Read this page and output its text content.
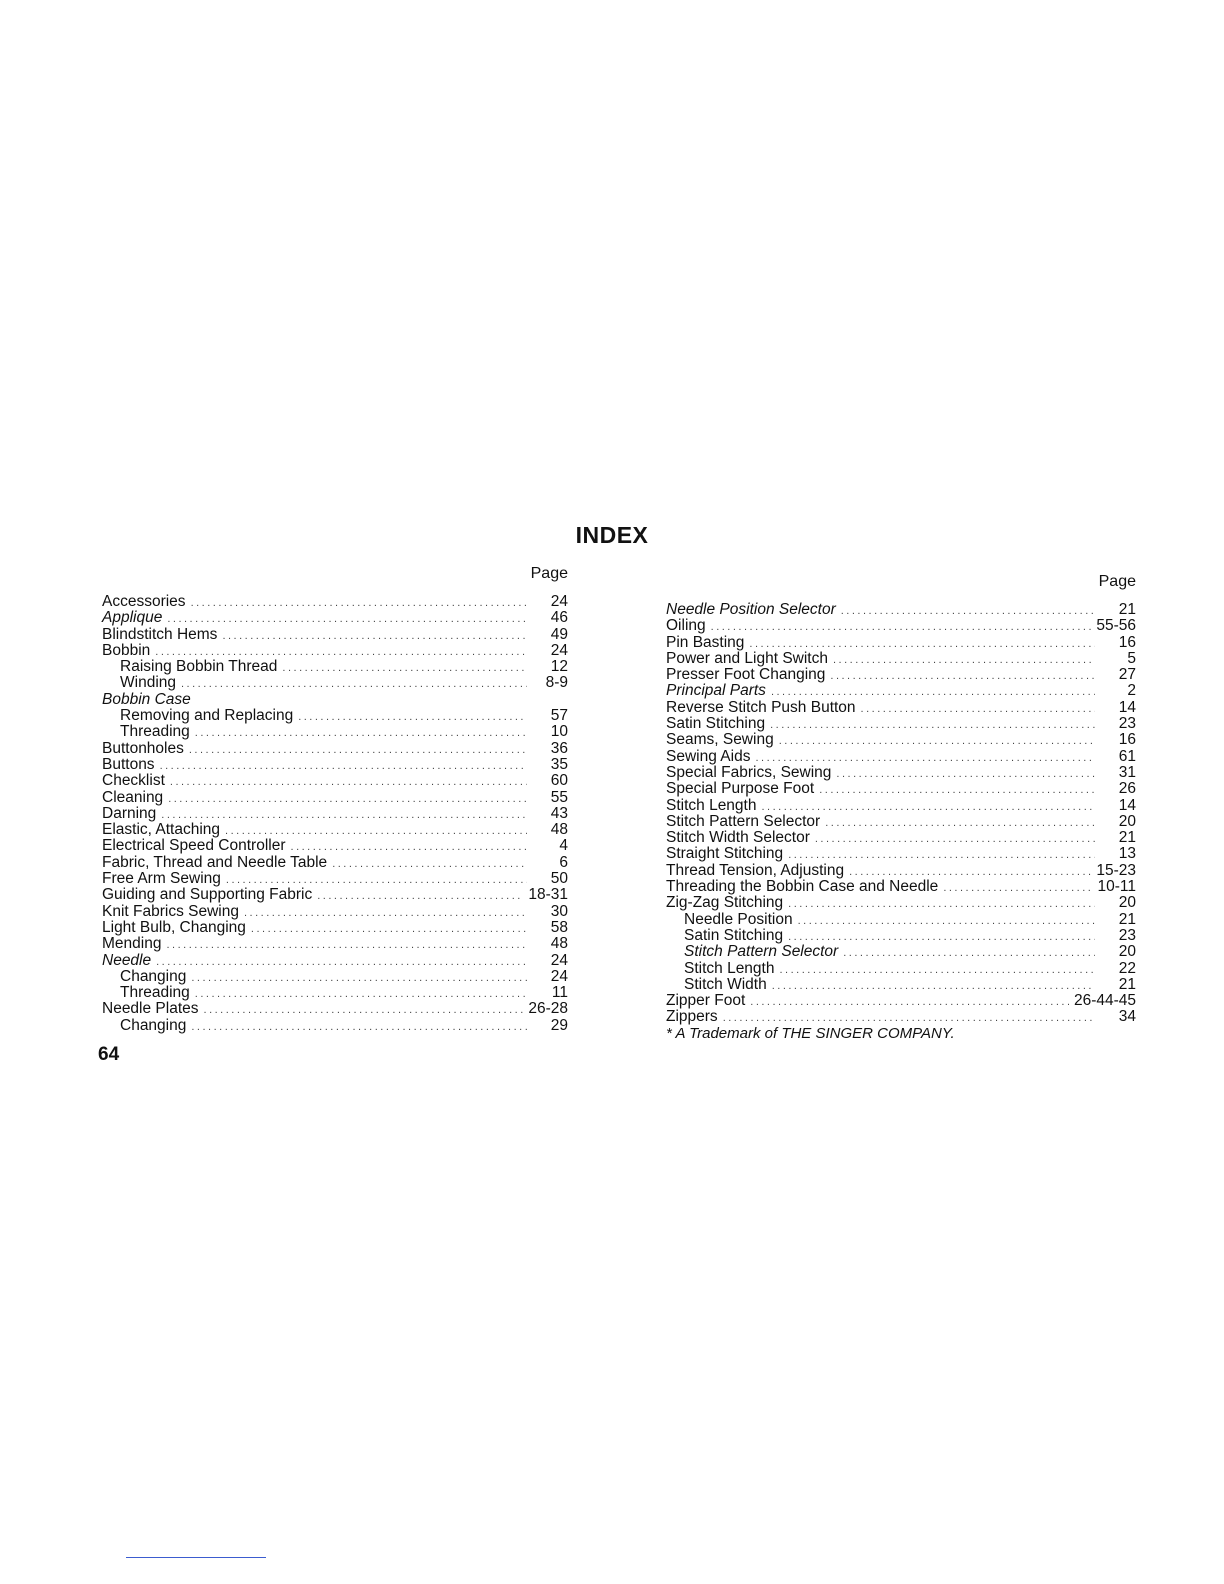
INDEX
Page
Accessories .....	24
Applique .....	46
Blindstitch Hems .....	49
Bobbin .....	24
Raising Bobbin Thread .....	12
Winding .....	8-9
Bobbin Case
Removing and Replacing .....	57
Threading .....	10
Buttonholes .....	36
Buttons .....	35
Checklist .....	60
Cleaning .....	55
Darning .....	43
Elastic, Attaching .....	48
Electrical Speed Controller .....	4
Fabric, Thread and Needle Table .....	6
Free Arm Sewing .....	50
Guiding and Supporting Fabric .....	18-31
Knit Fabrics Sewing .....	30
Light Bulb, Changing .....	58
Mending .....	48
Needle .....	24
Changing .....	24
Threading .....	11
Needle Plates .....	26-28
Changing .....	29
Page
Needle Position Selector .....	21
Oiling .....	55-56
Pin Basting .....	16
Power and Light Switch .....	5
Presser Foot Changing .....	27
Principal Parts .....	2
Reverse Stitch Push Button .....	14
Satin Stitching .....	23
Seams, Sewing .....	16
Sewing Aids .....	61
Special Fabrics, Sewing .....	31
Special Purpose Foot .....	26
Stitch Length .....	14
Stitch Pattern Selector .....	20
Stitch Width Selector .....	21
Straight Stitching .....	13
Thread Tension, Adjusting .....	15-23
Threading the Bobbin Case and Needle .....	10-11
Zig-Zag Stitching .....	20
Needle Position .....	21
Satin Stitching .....	23
Stitch Pattern Selector .....	20
Stitch Length .....	22
Stitch Width .....	21
Zipper Foot .....	26-44-45
Zippers .....	34
* A Trademark of THE SINGER COMPANY.
64
